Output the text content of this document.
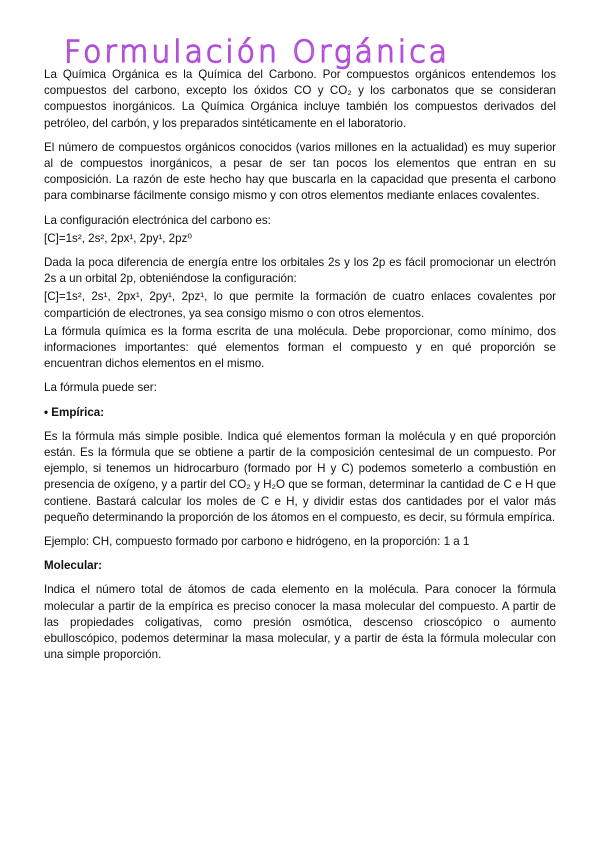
Formulación Orgánica

La Química Orgánica es la Química del Carbono. Por compuestos orgánicos entendemos los compuestos del carbono, excepto los óxidos CO y CO₂ y los carbonatos que se consideran compuestos inorgánicos. La Química Orgánica incluye también los compuestos derivados del petróleo, del carbón, y los preparados sintéticamente en el laboratorio.

El número de compuestos orgánicos conocidos (varios millones en la actualidad) es muy superior al de compuestos inorgánicos, a pesar de ser tan pocos los elementos que entran en su composición. La razón de este hecho hay que buscarla en la capacidad que presenta el carbono para combinarse fácilmente consigo mismo y con otros elementos mediante enlaces covalentes.

La configuración electrónica del carbono es:

[C]=1s², 2s², 2px¹, 2py¹, 2pz⁰

Dada la poca diferencia de energía entre los orbitales 2s y los 2p es fácil promocionar un electrón 2s a un orbital 2p, obteniéndose la configuración:

[C]=1s², 2s¹, 2px¹, 2py¹, 2pz¹, lo que permite la formación de cuatro enlaces covalentes por compartición de electrones, ya sea consigo mismo o con otros elementos.

La fórmula química es la forma escrita de una molécula. Debe proporcionar, como mínimo, dos informaciones importantes: qué elementos forman el compuesto y en qué proporción se encuentran dichos elementos en el mismo.

La fórmula puede ser:

• Empírica:

Es la fórmula más simple posible. Indica qué elementos forman la molécula y en qué proporción están. Es la fórmula que se obtiene a partir de la composición centesimal de un compuesto. Por ejemplo, si tenemos un hidrocarburo (formado por H y C) podemos someterlo a combustión en presencia de oxígeno, y a partir del CO₂ y H₂O que se forman, determinar la cantidad de C e H que contiene. Bastará calcular los moles de C e H, y dividir estas dos cantidades por el valor más pequeño determinando la proporción de los átomos en el compuesto, es decir, su fórmula empírica.

Ejemplo: CH, compuesto formado por carbono e hidrógeno, en la proporción: 1 a 1

Molecular:

Indica el número total de átomos de cada elemento en la molécula. Para conocer la fórmula molecular a partir de la empírica es preciso conocer la masa molecular del compuesto. A partir de las propiedades coligativas, como presión osmótica, descenso crioscópico o aumento ebulloscópico, podemos determinar la masa molecular, y a partir de ésta la fórmula molecular con una simple proporción.
